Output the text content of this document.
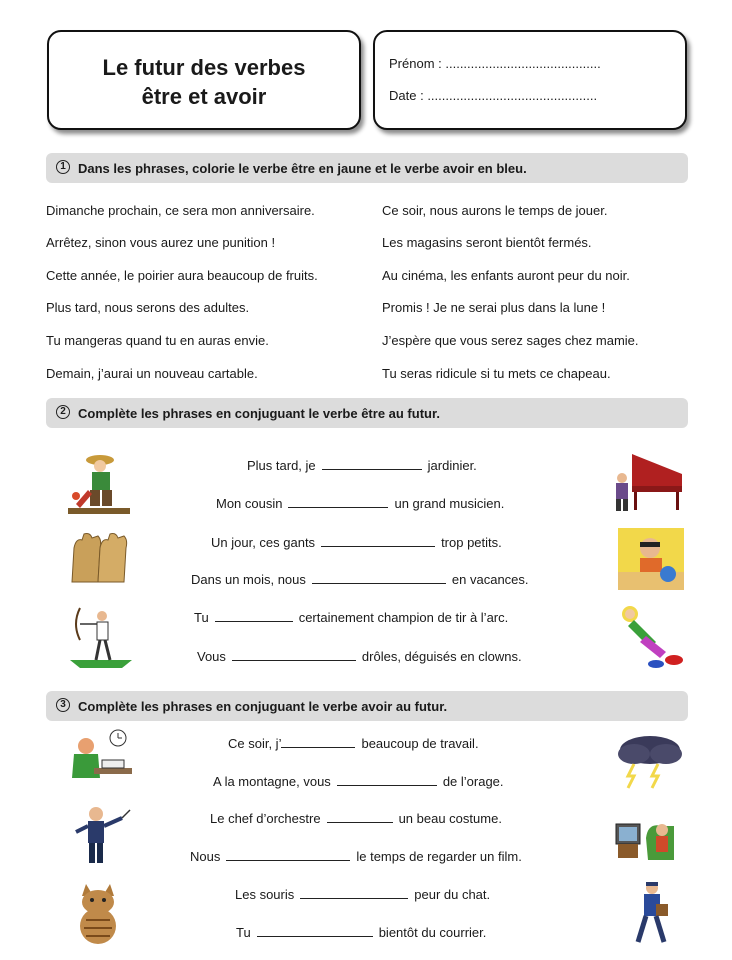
Le futur des verbes
être et avoir
Prénom : ...........................................
Date : ...............................................
1 Dans les phrases, colorie le verbe être en jaune et le verbe avoir en bleu.
Dimanche prochain, ce sera mon anniversaire.
Arrêtez, sinon vous aurez une punition !
Cette année, le poirier aura beaucoup de fruits.
Plus tard, nous serons des adultes.
Tu mangeras quand tu en auras envie.
Demain, j’aurai un nouveau cartable.
Ce soir, nous aurons le temps de jouer.
Les magasins seront bientôt fermés.
Au cinéma, les enfants auront peur du noir.
Promis ! Je ne serai plus dans la lune !
J’espère que vous serez sages chez mamie.
Tu seras ridicule si tu mets ce chapeau.
2 Complète les phrases en conjuguant le verbe être au futur.
Plus tard, je	jardinier.
Mon cousin	un grand musicien.
Un jour, ces gants	trop petits.
Dans un mois, nous	en vacances.
Tu	certainement champion de tir à l’arc.
Vous	drôles, déguisés en clowns.
3 Complète les phrases en conjuguant le verbe avoir au futur.
Ce soir, j’	beaucoup de travail.
A la montagne, vous	de l’orage.
Le chef d’orchestre	un beau costume.
Nous	le temps de regarder un film.
Les souris	peur du chat.
Tu	bientôt du courrier.
